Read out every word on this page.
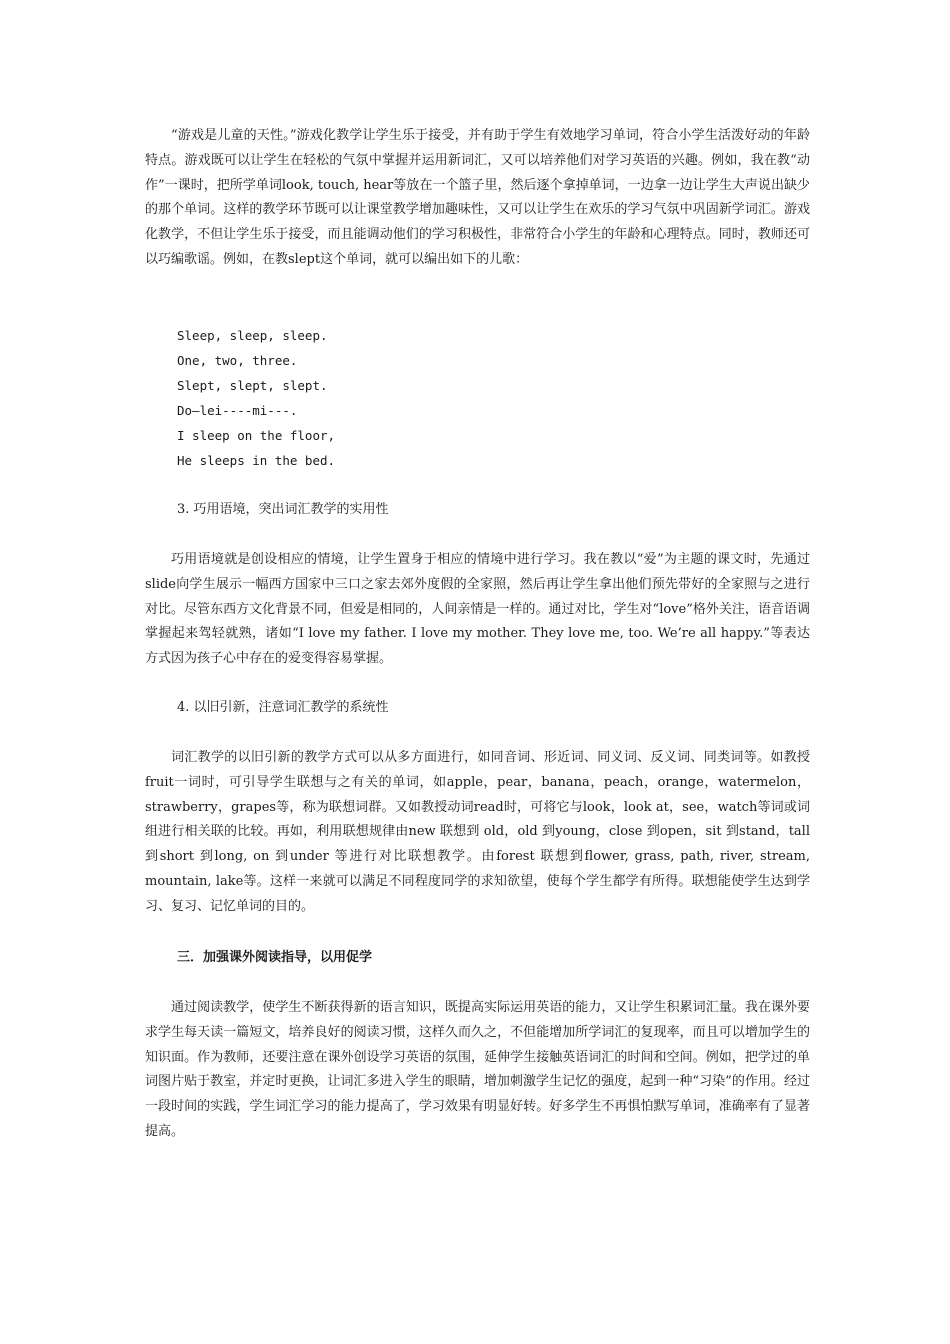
“游戏是儿童的天性。”游戏化教学让学生乐于接受，并有助于学生有效地学习单词，符合小学生活泼好动的年龄特点。游戏既可以让学生在轻松的气氛中掌握并运用新词汇，又可以培养他们对学习英语的兴趣。例如，我在教“动作”一课时，把所学单词look, touch, hear等放在一个篮子里，然后逐个拿掉单词，一边拿一边让学生大声说出缺少的那个单词。这样的教学环节既可以让课堂教学增加趣味性，又可以让学生在欢乐的学习气氛中巩固新学词汇。游戏化教学，不但让学生乐于接受，而且能调动他们的学习积极性，非常符合小学生的年龄和心理特点。同时，教师还可以巧编歌谣。例如，在教slept这个单词，就可以编出如下的儿歌：

Sleep, sleep, sleep.

One, two, three.

Slept, slept, slept.

Do—lei----mi---.

I sleep on the floor,

He sleeps in the bed.

3. 巧用语境，突出词汇教学的实用性

巧用语境就是创设相应的情境，让学生置身于相应的情境中进行学习。我在教以“爱”为主题的课文时，先通过slide向学生展示一幅西方国家中三口之家去郊外度假的全家照，然后再让学生拿出他们预先带好的全家照与之进行对比。尽管东西方文化背景不同，但爱是相同的，人间亲情是一样的。通过对比，学生对“love”格外关注，语音语调掌握起来驾轻就熟，诸如“I love my father. I love my mother. They love me, too. We’re all happy.”等表达方式因为孩子心中存在的爱变得容易掌握。

4. 以旧引新，注意词汇教学的系统性

词汇教学的以旧引新的教学方式可以从多方面进行，如同音词、形近词、同义词、反义词、同类词等。如教授fruit一词时，可引导学生联想与之有关的单词，如apple，pear，banana，peach，orange，watermelon，strawberry，grapes等，称为联想词群。又如教授动词read时，可将它与look，look at，see，watch等词或词组进行相关联的比较。再如，利用联想规律由new 联想到 old，old 到young，close 到open，sit 到stand，tall 到short 到long, on 到under 等进行对比联想教学。由forest 联想到flower, grass, path, river, stream, mountain, lake等。这样一来就可以满足不同程度同学的求知欲望，使每个学生都学有所得。联想能使学生达到学习、复习、记忆单词的目的。

三．加强课外阅读指导，以用促学

通过阅读教学，使学生不断获得新的语言知识，既提高实际运用英语的能力，又让学生积累词汇量。我在课外要求学生每天读一篇短文，培养良好的阅读习惯，这样久而久之，不但能增加所学词汇的复现率，而且可以增加学生的知识面。作为教师，还要注意在课外创设学习英语的氛围，延伸学生接触英语词汇的时间和空间。例如，把学过的单词图片贴于教室，并定时更换，让词汇多进入学生的眼睛，增加刺激学生记忆的强度，起到一种“习染”的作用。经过一段时间的实践，学生词汇学习的能力提高了，学习效果有明显好转。好多学生不再惧怕默写单词，准确率有了显著提高。
